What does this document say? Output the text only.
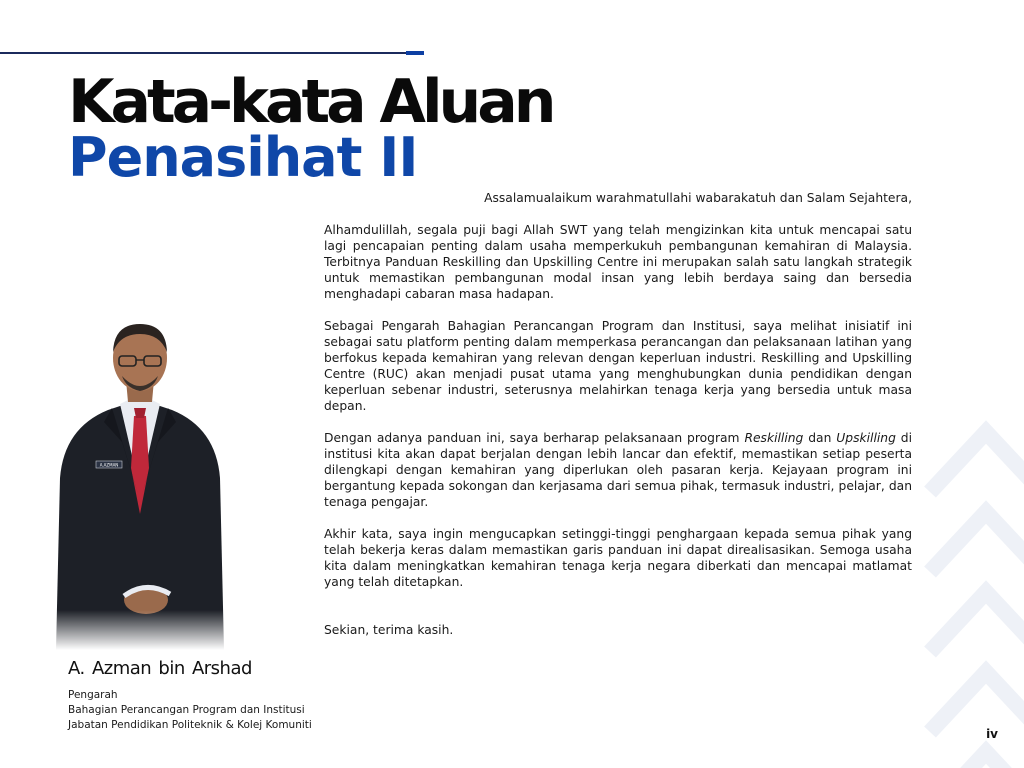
Kata-kata Aluan
Penasihat II
Assalamualaikum warahmatullahi wabarakatuh dan Salam Sejahtera,

Alhamdulillah, segala puji bagi Allah SWT yang telah mengizinkan kita untuk mencapai satu lagi pencapaian penting dalam usaha memperkukuh pembangunan kemahiran di Malaysia. Terbitnya Panduan Reskilling dan Upskilling Centre ini merupakan salah satu langkah strategik untuk memastikan pembangunan modal insan yang lebih berdaya saing dan bersedia menghadapi cabaran masa hadapan.

Sebagai Pengarah Bahagian Perancangan Program dan Institusi, saya melihat inisiatif ini sebagai satu platform penting dalam memperkasa perancangan dan pelaksanaan latihan yang berfokus kepada kemahiran yang relevan dengan keperluan industri. Reskilling and Upskilling Centre (RUC) akan menjadi pusat utama yang menghubungkan dunia pendidikan dengan keperluan sebenar industri, seterusnya melahirkan tenaga kerja yang bersedia untuk masa depan.

Dengan adanya panduan ini, saya berharap pelaksanaan program Reskilling dan Upskilling di institusi kita akan dapat berjalan dengan lebih lancar dan efektif, memastikan setiap peserta dilengkapi dengan kemahiran yang diperlukan oleh pasaran kerja. Kejayaan program ini bergantung kepada sokongan dan kerjasama dari semua pihak, termasuk industri, pelajar, dan tenaga pengajar.

Akhir kata, saya ingin mengucapkan setinggi-tinggi penghargaan kepada semua pihak yang telah bekerja keras dalam memastikan garis panduan ini dapat direalisasikan. Semoga usaha kita dalam meningkatkan kemahiran tenaga kerja negara diberkati dan mencapai matlamat yang telah ditetapkan.

Sekian, terima kasih.

A.AZMAN
A. Azman bin Arshad
Pengarah
Bahagian Perancangan Program dan Institusi
Jabatan Pendidikan Politeknik & Kolej Komuniti
iv
